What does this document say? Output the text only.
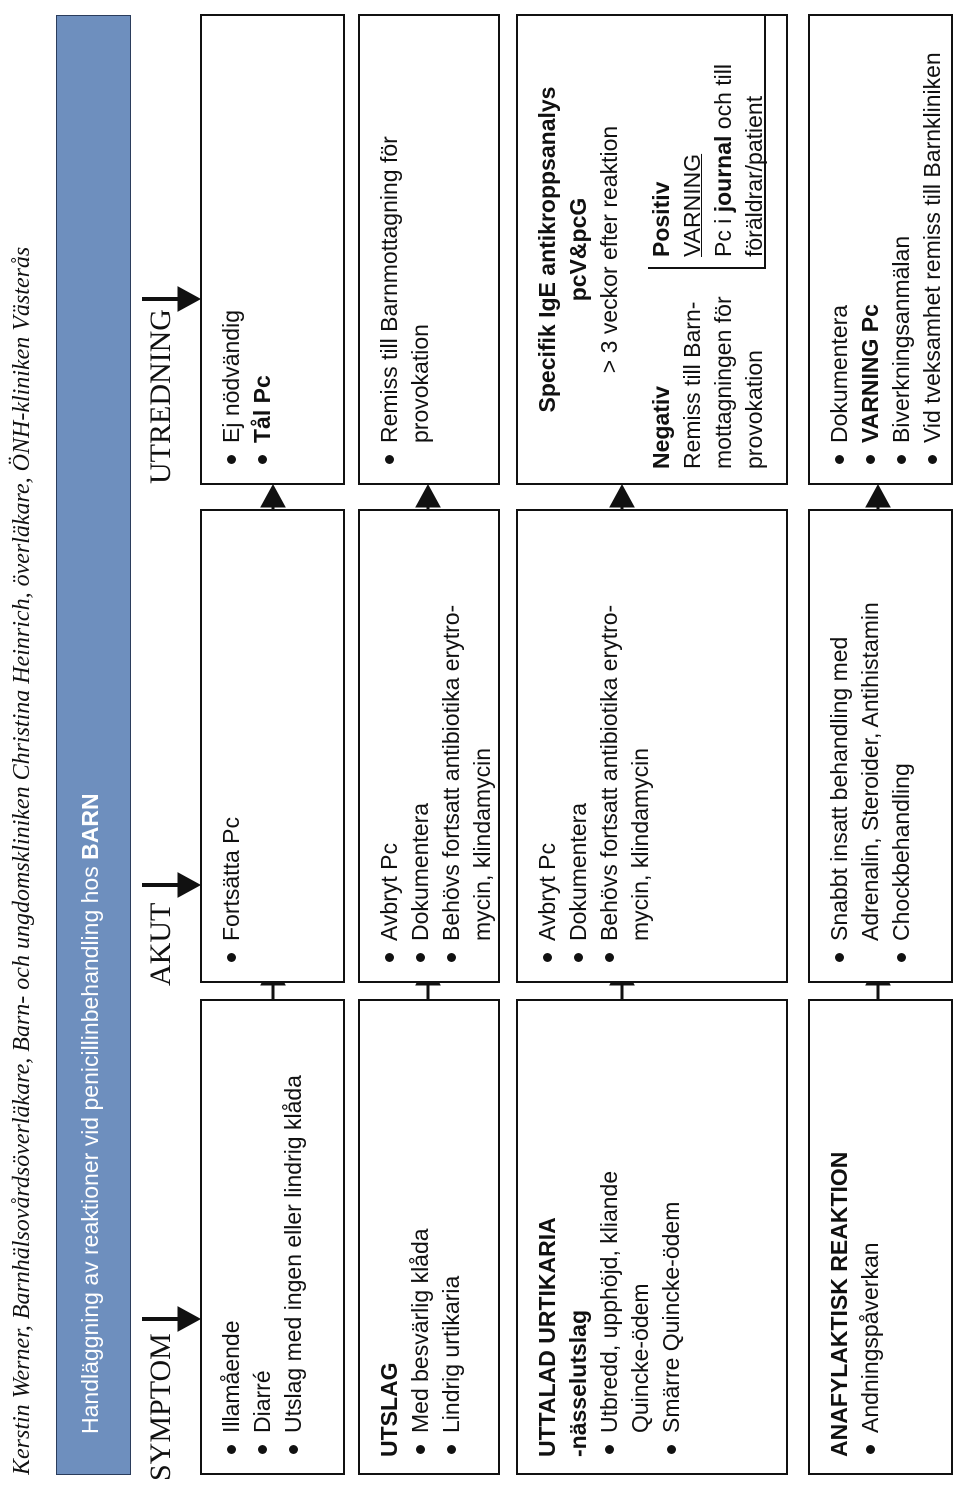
Kerstin Werner, Barnhälsovårdsöverläkare, Barn- och ungdomskliniken Christina Heinrich, överläkare, ÖNH-kliniken Västerås	Handläggning av reaktioner vid penicillinbehandling hos BARN
SYMPTOM
AKUT
UTREDNING
Illamående Diarré Utslag med ingen eller lindrig klåda
Fortsätta Pc
Ej nödvändig Tål Pc
UTSLAG Med besvärlig klåda Lindrig urtikaria
Avbryt Pc Dokumentera Behövs fortsatt antibiotika erytro- mycin, klindamycin
Remiss till Barnmottagning för provokation
UTTALAD URTIKARIA -nässelutslag Utbredd, upphöjd, kliande Quincke-ödem Smärre Quincke-ödem
Avbryt Pc Dokumentera Behövs fortsatt antibiotika erytro- mycin, klindamycin
Specifik IgE antikroppsanalys pcV&pcG > 3 veckor efter reaktion
Negativ Remiss till Barn- mottagningen för provokation
Positiv VARNING Pc i journal och till föräldrar/patient
ANAFYLAKTISK REAKTION Andningspåverkan
Snabbt insatt behandling med Adrenalin, Steroider, Antihistamin Chockbehandling
Dokumentera VARNING Pc Biverkningsanmälan Vid tveksamhet remiss till Barnkliniken
